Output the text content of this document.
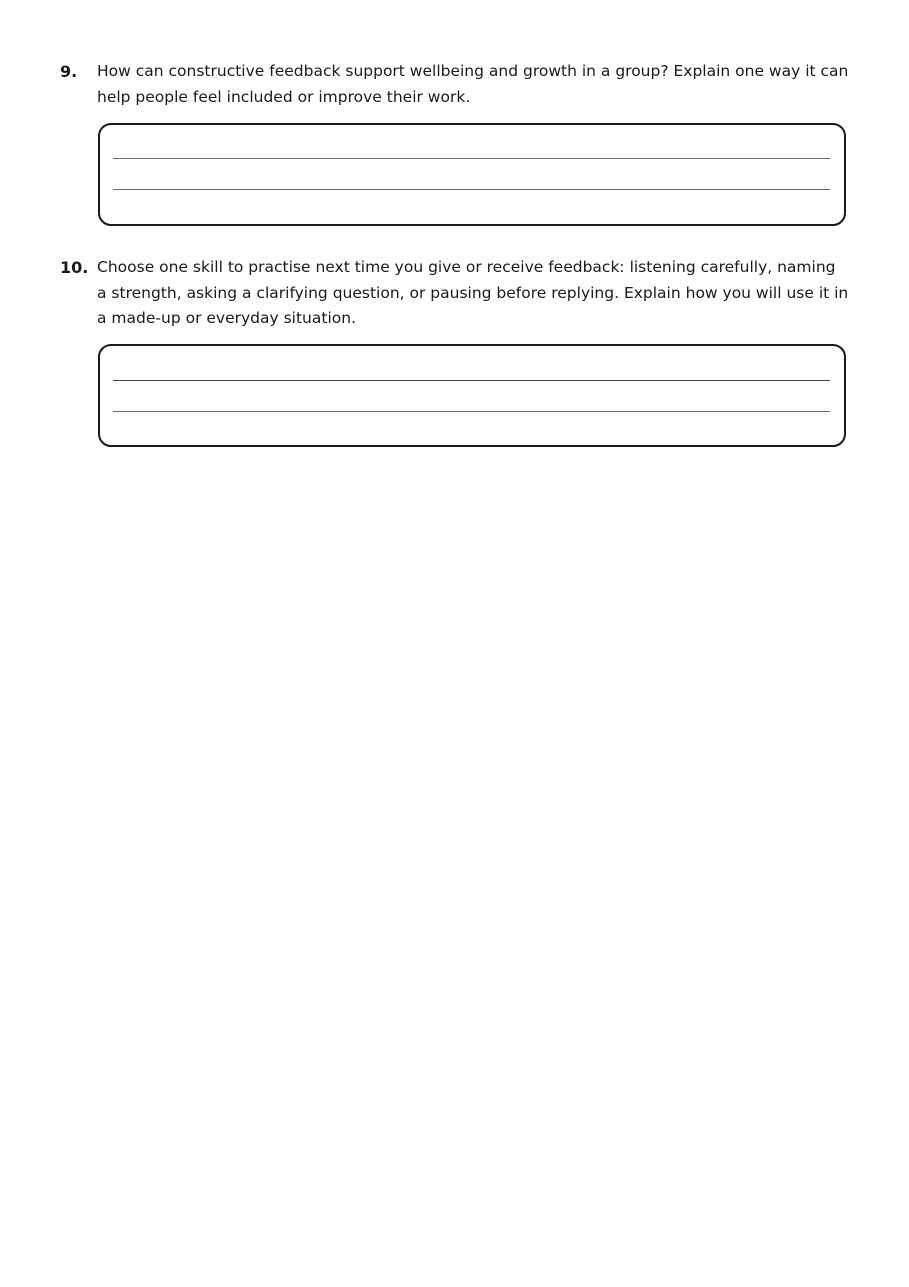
9. How can constructive feedback support wellbeing and growth in a group? Explain one way it can help people feel included or improve their work.
10. Choose one skill to practise next time you give or receive feedback: listening carefully, naming a strength, asking a clarifying question, or pausing before replying. Explain how you will use it in a made-up or everyday situation.
